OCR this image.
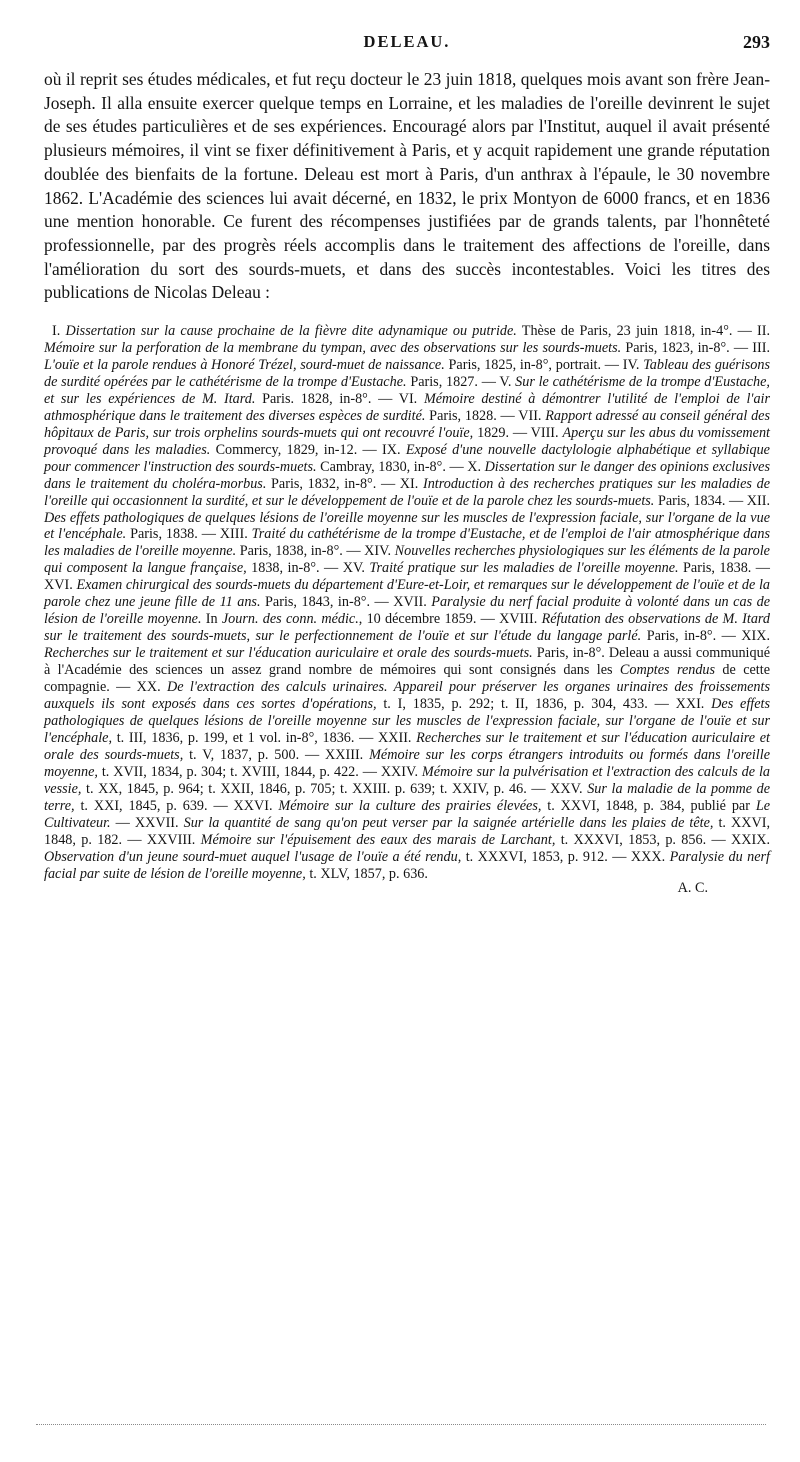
DELEAU.	293

où il reprit ses études médicales, et fut reçu docteur le 23 juin 1818, quelques mois avant son frère Jean-Joseph. Il alla ensuite exercer quelque temps en Lorraine, et les maladies de l'oreille devinrent le sujet de ses études particulières et de ses expériences. Encouragé alors par l'Institut, auquel il avait présenté plusieurs mémoires, il vint se fixer définitivement à Paris, et y acquit rapidement une grande réputation doublée des bienfaits de la fortune. Deleau est mort à Paris, d'un anthrax à l'épaule, le 30 novembre 1862. L'Académie des sciences lui avait décerné, en 1832, le prix Montyon de 6000 francs, et en 1836 une mention honorable. Ce furent des récompenses justifiées par de grands talents, par l'honnêteté professionnelle, par des progrès réels accomplis dans le traitement des affections de l'oreille, dans l'amélioration du sort des sourds-muets, et dans des succès incontestables. Voici les titres des publications de Nicolas Deleau :

I. Dissertation sur la cause prochaine de la fièvre dite adynamique ou putride. Thèse de Paris, 23 juin 1818, in-4°. — II. Mémoire sur la perforation de la membrane du tympan, avec des observations sur les sourds-muets. Paris, 1823, in-8°. — III. L'ouïe et la parole rendues à Honoré Trézel, sourd-muet de naissance. Paris, 1825, in-8°, portrait. — IV. Tableau des guérisons de surdité opérées par le cathétérisme de la trompe d'Eustache. Paris, 1827. — V. Sur le cathétérisme de la trompe d'Eustache, et sur les expériences de M. Itard. Paris. 1828, in-8°. — VI. Mémoire destiné à démontrer l'utilité de l'emploi de l'air athmosphérique dans le traitement des diverses espèces de surdité. Paris, 1828. — VII. Rapport adressé au conseil général des hôpitaux de Paris, sur trois orphelins sourds-muets qui ont recouvré l'ouïe, 1829. — VIII. Aperçu sur les abus du vomissement provoqué dans les maladies. Commercy, 1829, in-12. — IX. Exposé d'une nouvelle dactylologie alphabétique et syllabique pour commencer l'instruction des sourds-muets. Cambray, 1830, in-8°. — X. Dissertation sur le danger des opinions exclusives dans le traitement du choléra-morbus. Paris, 1832, in-8°. — XI. Introduction à des recherches pratiques sur les maladies de l'oreille qui occasionnent la surdité, et sur le développement de l'ouïe et de la parole chez les sourds-muets. Paris, 1834. — XII. Des effets pathologiques de quelques lésions de l'oreille moyenne sur les muscles de l'expression faciale, sur l'organe de la vue et l'encéphale. Paris, 1838. — XIII. Traité du cathétérisme de la trompe d'Eustache, et de l'emploi de l'air atmosphérique dans les maladies de l'oreille moyenne. Paris, 1838, in-8°. — XIV. Nouvelles recherches physiologiques sur les éléments de la parole qui composent la langue française, 1838, in-8°. — XV. Traité pratique sur les maladies de l'oreille moyenne. Paris, 1838. — XVI. Examen chirurgical des sourds-muets du département d'Eure-et-Loir, et remarques sur le développement de l'ouïe et de la parole chez une jeune fille de 11 ans. Paris, 1843, in-8°. — XVII. Paralysie du nerf facial produite à volonté dans un cas de lésion de l'oreille moyenne. In Journ. des conn. médic., 10 décembre 1859. — XVIII. Réfutation des observations de M. Itard sur le traitement des sourds-muets, sur le perfectionnement de l'ouïe et sur l'étude du langage parlé. Paris, in-8°. — XIX. Recherches sur le traitement et sur l'éducation auriculaire et orale des sourds-muets. Paris, in-8°. Deleau a aussi communiqué à l'Académie des sciences un assez grand nombre de mémoires qui sont consignés dans les Comptes rendus de cette compagnie. — XX. De l'extraction des calculs urinaires. Appareil pour préserver les organes urinaires des froissements auxquels ils sont exposés dans ces sortes d'opérations, t. I, 1835, p. 292; t. II, 1836, p. 304, 433. — XXI. Des effets pathologiques de quelques lésions de l'oreille moyenne sur les muscles de l'expression faciale, sur l'organe de l'ouïe et sur l'encéphale, t. III, 1836, p. 199, et 1 vol. in-8°, 1836. — XXII. Recherches sur le traitement et sur l'éducation auriculaire et orale des sourds-muets, t. V, 1837, p. 500. — XXIII. Mémoire sur les corps étrangers introduits ou formés dans l'oreille moyenne, t. XVII, 1834, p. 304; t. XVIII, 1844, p. 422. — XXIV. Mémoire sur la pulvérisation et l'extraction des calculs de la vessie, t. XX, 1845, p. 964; t. XXII, 1846, p. 705; t. XXIII. p. 639; t. XXIV, p. 46. — XXV. Sur la maladie de la pomme de terre, t. XXI, 1845, p. 639. — XXVI. Mémoire sur la culture des prairies élevées, t. XXVI, 1848, p. 384, publié par Le Cultivateur. — XXVII. Sur la quantité de sang qu'on peut verser par la saignée artérielle dans les plaies de tête, t. XXVI, 1848, p. 182. — XXVIII. Mémoire sur l'épuisement des eaux des marais de Larchant, t. XXXVI, 1853, p. 856. — XXIX. Observation d'un jeune sourd-muet auquel l'usage de l'ouïe a été rendu, t. XXXVI, 1853, p. 912. — XXX. Paralysie du nerf facial par suite de lésion de l'oreille moyenne, t. XLV, 1857, p. 636.

A. C.
